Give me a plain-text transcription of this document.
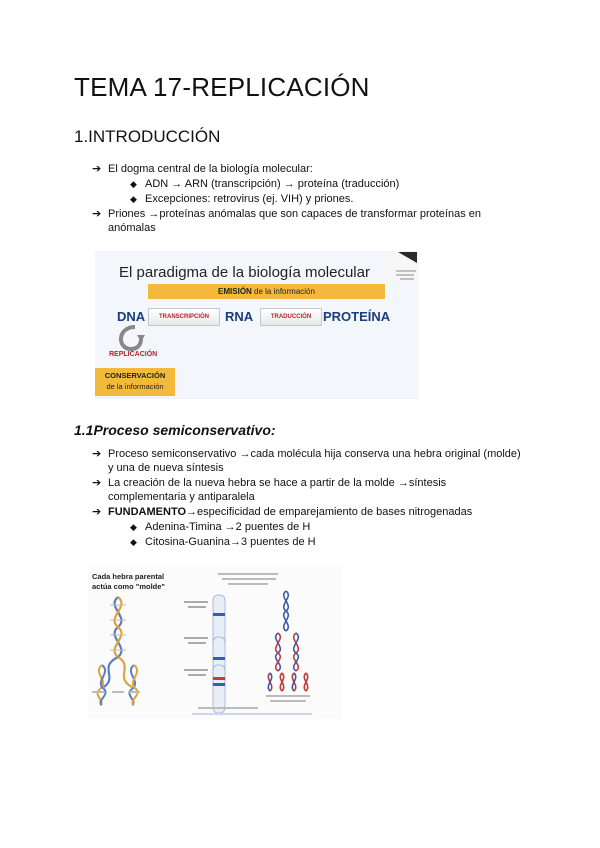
TEMA 17-REPLICACIÓN
1.INTRODUCCIÓN
➔ El dogma central de la biología molecular:
◆ ADN → ARN (transcripción) → proteína (traducción)
◆ Excepciones: retrovirus (ej. VIH) y priones.
➔ Priones →proteínas anómalas que son capaces de transformar proteínas en
anómalas
El paradigma de la biología molecular
EMISIÓN de la información
DNA	TRANSCRIPCIÓN	RNA	TRADUCCIÓN PROTEÍNA
REPLICACIÓN
CONSERVACIÓN
de la información
1.1Proceso semiconservativo:
➔ Proceso semiconservativo →cada molécula hija conserva una hebra original (molde)
y una de nueva síntesis
➔ La creación de la nueva hebra se hace a partir de la molde →síntesis
complementaria y antiparalela
➔ FUNDAMENTO→especificidad de emparejamiento de bases nitrogenadas
◆ Adenina-Timina →2 puentes de H
◆ Citosina-Guanina→3 puentes de H
Cada hebra parental
actúa como "molde"
